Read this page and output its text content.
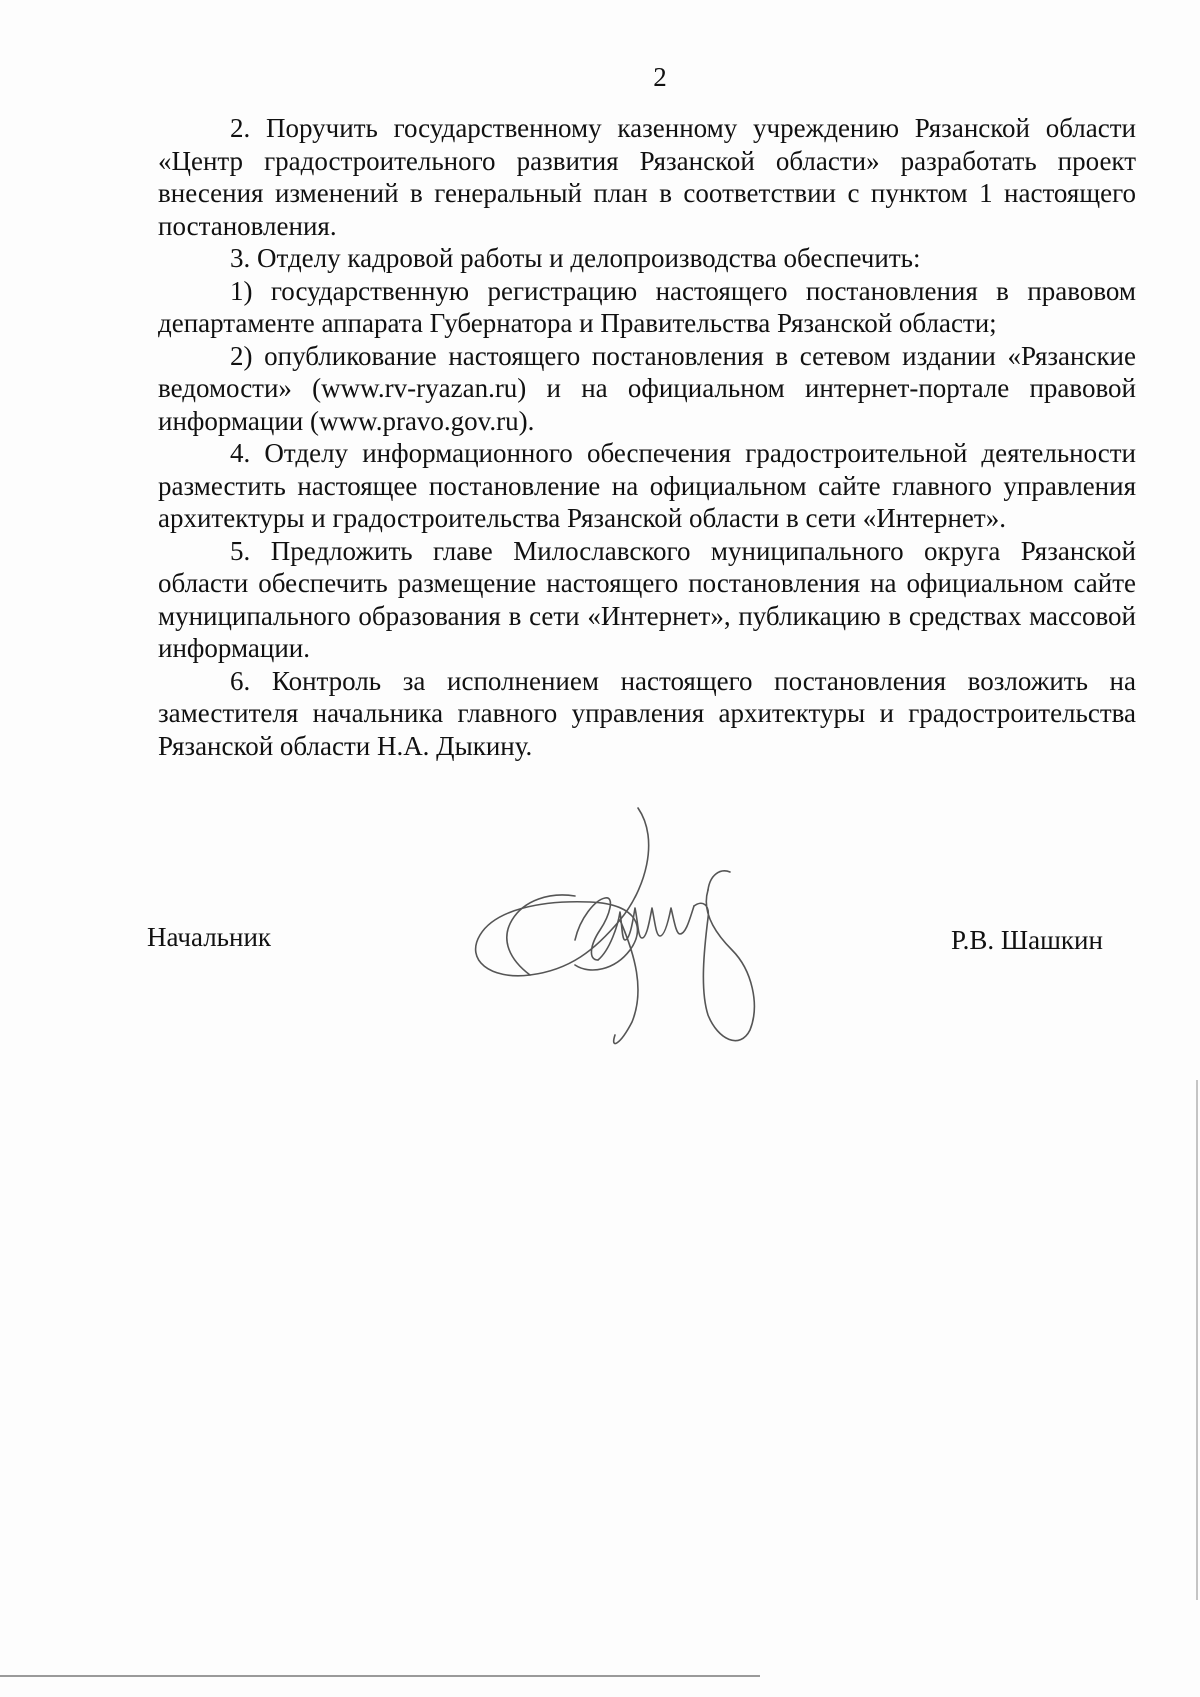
2

2. Поручить государственному казенному учреждению Рязанской области «Центр градостроительного развития Рязанской области» разработать проект внесения изменений в генеральный план в соответствии с пунктом 1 настоящего постановления.

3. Отделу кадровой работы и делопроизводства обеспечить:

1) государственную регистрацию настоящего постановления в правовом департаменте аппарата Губернатора и Правительства Рязанской области;

2) опубликование настоящего постановления в сетевом издании «Рязанские ведомости» (www.rv-ryazan.ru) и на официальном интернет-портале правовой информации (www.pravo.gov.ru).

4. Отделу информационного обеспечения градостроительной деятельности разместить настоящее постановление на официальном сайте главного управления архитектуры и градостроительства Рязанской области в сети «Интернет».

5. Предложить главе Милославского муниципального округа Рязанской области обеспечить размещение настоящего постановления на официальном сайте муниципального образования в сети «Интернет», публикацию в средствах массовой информации.

6. Контроль за исполнением настоящего постановления возложить на заместителя начальника главного управления архитектуры и градостроительства Рязанской области Н.А. Дыкину.

Начальник	Р.В. Шашкин
